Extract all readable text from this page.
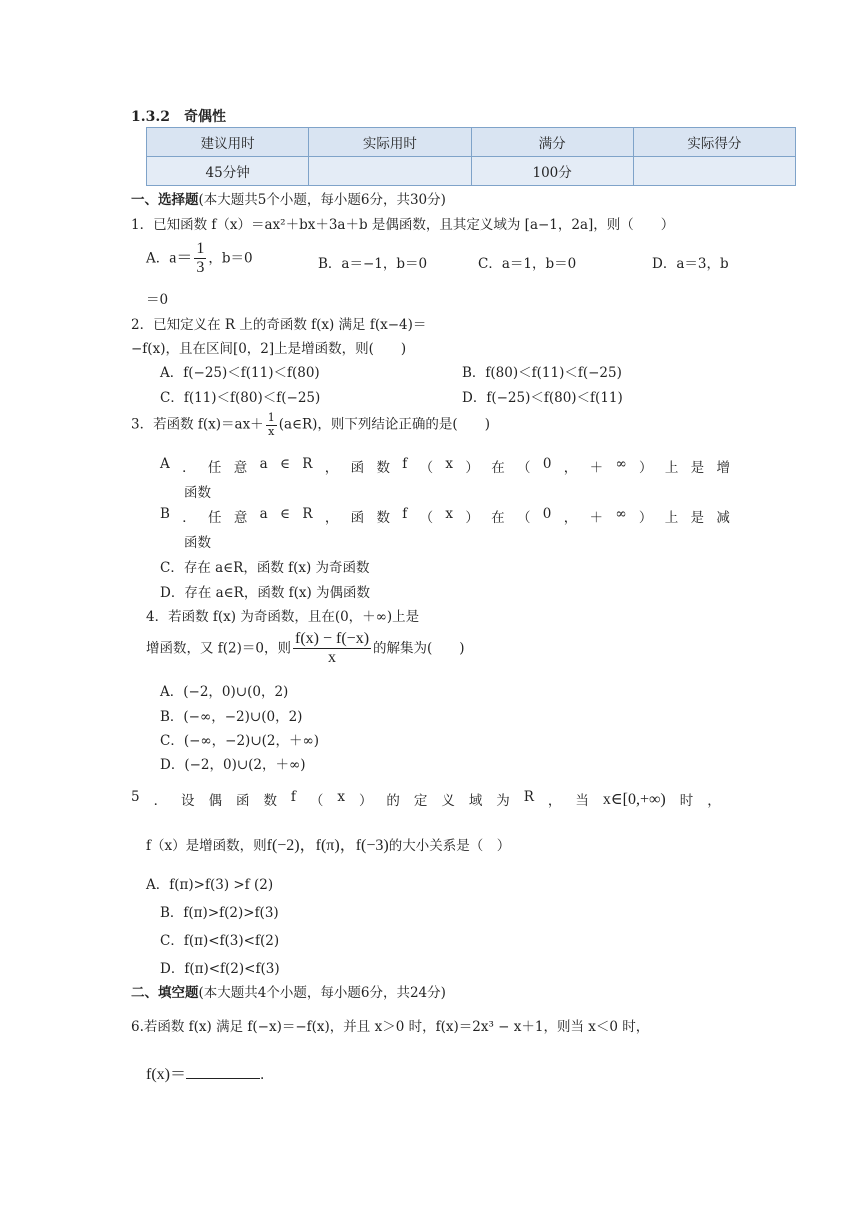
1.3.2　奇偶性
建议用时	实际用时	满分	实际得分
45分钟		100分	
一、选择题(本大题共5个小题，每小题6分，共30分)
1．已知函数 f（x）＝ax²＋bx＋3a＋b 是偶函数，且其定义域为 [a−1，2a]，则（　　）
A．$a= \frac{1}{3}$ ，b＝0	B．a＝−1，b＝0	C．a＝1，b＝0	D．a＝3，b
＝0
2．已知定义在 R 上的奇函数 f(x) 满足 f(x−4)＝
−f(x)，且在区间[0，2]上是增函数，则(　　)
A．f(−25)＜f(11)＜f(80)	B．f(80)＜f(11)＜f(−25)
C．f(11)＜f(80)＜f(−25)	D．f(−25)＜f(80)＜f(11)
3．若函数 $f(x)=ax+ \frac{1}{x}$ (a∈R)，则下列结论正确的是(　　)
A ． 任 意 a ∈ R ， 函 数 f （ x ） 在 （ 0 ， ＋ ∞ ） 上 是 增
函数
B ． 任 意 a ∈ R ， 函 数 f （ x ） 在 （ 0 ， ＋ ∞ ） 上 是 减
函数
C．存在 a∈R，函数 f(x) 为奇函数
D．存在 a∈R，函数 f(x) 为偶函数
4．若函数 f(x) 为奇函数，且在(0，＋∞)上是
增函数，又 f(2)＝0，则 $\frac{f(x) - f(-x)}{x}$ 的解集为(　　)
A．(−2，0)∪(0，2)
B．(−∞，−2)∪(0，2)
C．(−∞，−2)∪(2，＋∞)
D．(−2，0)∪(2，＋∞)
5 ． 设 偶 函 数 f （ x ） 的 定 义 域 为 R ， 当 x∈[0,+∞) 时 ，
f（x）是增函数，则f(−2)，f(π)，f(−3)的大小关系是（　）
A．f(π)>f(3) >f (2)
B．f(π)>f(2)>f(3)
C．f(π)<f(3)<f(2)
D．f(π)<f(2)<f(3)
二、填空题(本大题共4个小题，每小题6分，共24分)
6.若函数 f(x) 满足 f(−x)＝−f(x)，并且 x＞0 时，f(x)＝2x³ − x＋1，则当 x＜0 时，
f(x)＝	.
